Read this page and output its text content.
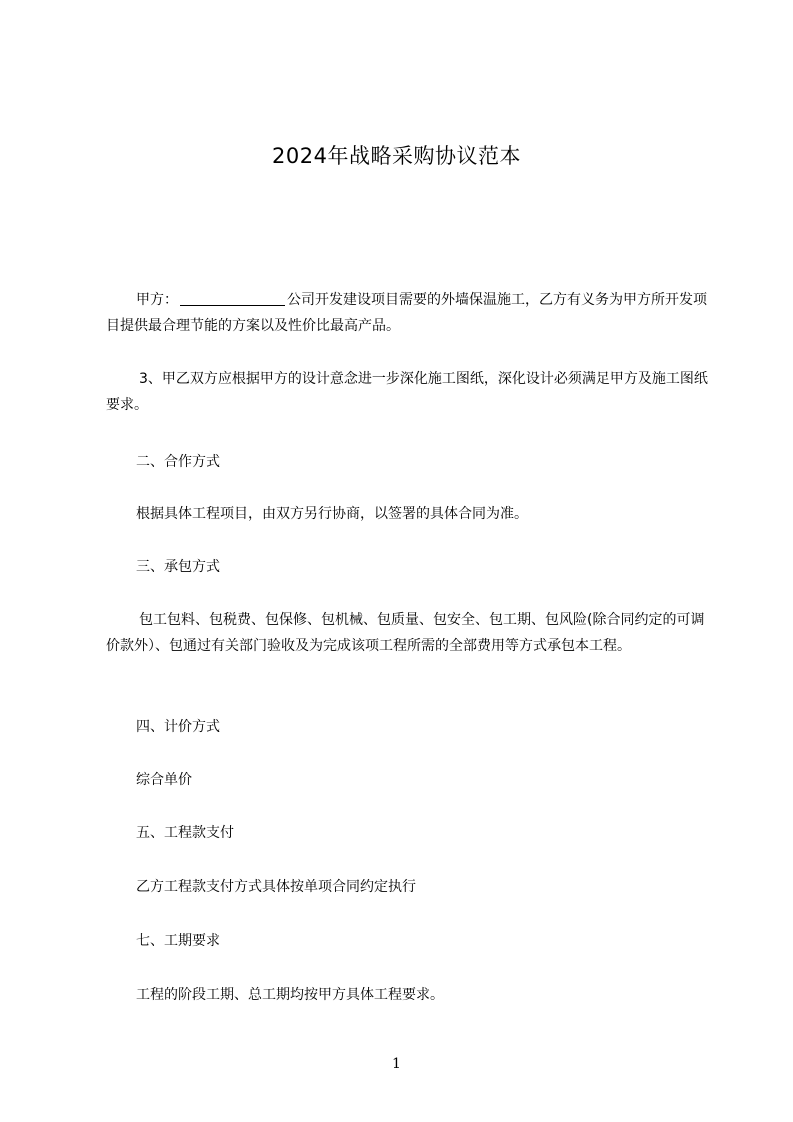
2024年战略采购协议范本

甲方：	公司开发建设项目需要的外墙保温施工，乙方有义务为甲方所开发项目提供最合理节能的方案以及性价比最高产品。

3、甲乙双方应根据甲方的设计意念进一步深化施工图纸，深化设计必须满足甲方及施工图纸要求。

二、合作方式

根据具体工程项目，由双方另行协商，以签署的具体合同为准。

三、承包方式

包工包料、包税费、包保修、包机械、包质量、包安全、包工期、包风险(除合同约定的可调价款外）、包通过有关部门验收及为完成该项工程所需的全部费用等方式承包本工程。

四、计价方式

综合单价

五、工程款支付

乙方工程款支付方式具体按单项合同约定执行

七、工期要求

工程的阶段工期、总工期均按甲方具体工程要求。

1
